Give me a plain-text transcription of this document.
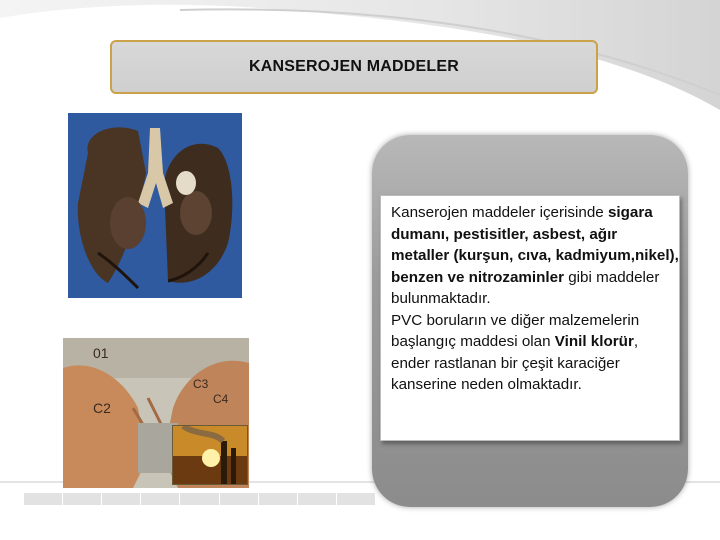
KANSEROJEN MADDELER
01
C2
C3
C4
Kanserojen maddeler içerisinde sigara dumanı, pestisitler, asbest, ağır metaller (kurşun, cıva, kadmiyum,nikel), benzen ve nitrozaminler gibi maddeler bulunmaktadır.
PVC boruların ve diğer malzemelerin başlangıç maddesi olan Vinil klorür, ender rastlanan bir çeşit karaciğer kanserine neden olmaktadır.
